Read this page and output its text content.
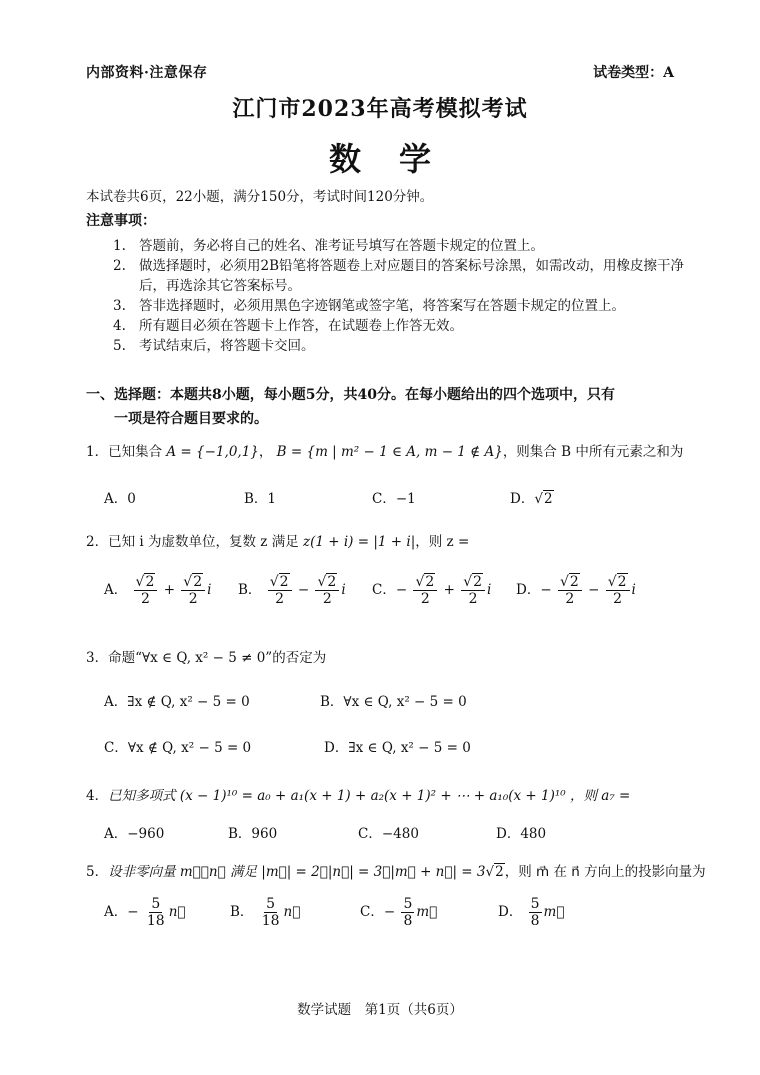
内部资料·注意保存	试卷类型：A
江门市2023年高考模拟考试
数学
本试卷共6页，22小题，满分150分，考试时间120分钟。
注意事项：
1. 答题前，务必将自己的姓名、准考证号填写在答题卡规定的位置上。
2. 做选择题时，必须用2B铅笔将答题卷上对应题目的答案标号涂黑，如需改动，用橡皮擦干净后，再选涂其它答案标号。
3. 答非选择题时，必须用黑色字迹钢笔或签字笔，将答案写在答题卡规定的位置上。
4. 所有题目必须在答题卡上作答，在试题卷上作答无效。
5. 考试结束后，将答题卡交回。
一、选择题：本题共8小题，每小题5分，共40分。在每小题给出的四个选项中，只有
一项是符合题目要求的。
1．已知集合 A = {−1,0,1}， B = {m | m² − 1 ∈ A, m − 1 ∉ A}，则集合 B 中所有元素之和为
A．0	B．1	C．−1	D．√2
2．已知 i 为虚数单位，复数 z 满足 z(1 + i) = |1 + i|，则 z =
A． $\frac{√2}{2} + \frac{√2}{2}$ i B． $\frac{√2}{2} - \frac{√2}{2}$ i C．− $\frac{√2}{2} + \frac{√2}{2}$ i D．− $\frac{√2}{2} - \frac{√2}{2}$ i
3．命题“∀x ∈ Q, x² − 5 ≠ 0”的否定为
A．∃x ∉ Q, x² − 5 = 0	B．∀x ∈ Q, x² − 5 = 0
C．∀x ∉ Q, x² − 5 = 0	D．∃x ∈ Q, x² − 5 = 0
4．已知多项式 (x − 1)¹⁰ = a₀ + a₁(x + 1) + a₂(x + 1)² + ⋯ + a₁₀(x + 1)¹⁰ ，则 a₇ =
A．−960	B．960	C．−480	D．480
5．设非零向量 m⃗，n⃗ 满足 |m⃗| = 2，|n⃗| = 3，|m⃗ + n⃗| = 3√2，则 m⃗ 在 n⃗ 方向上的投影向量为
A．− $\frac{5}{18}$ n⃗	B． $\frac{5}{18}$ n⃗	C．− $\frac{5}{8}$ m⃗	D． $\frac{5}{8}$ m⃗
数学试题　第1页（共6页）
